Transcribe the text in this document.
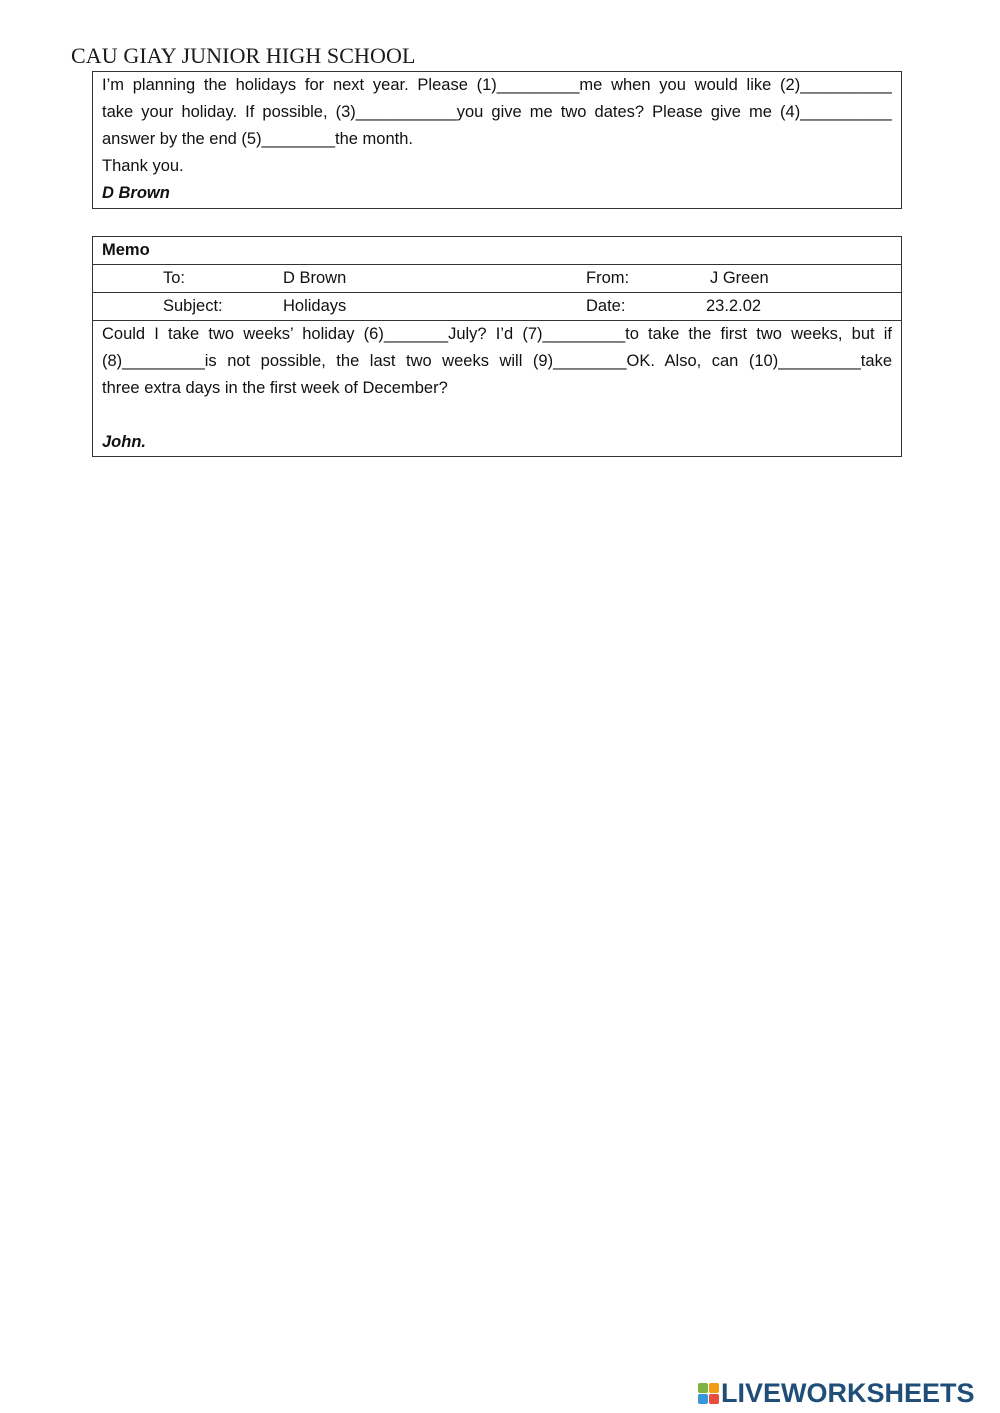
CAU GIAY JUNIOR HIGH SCHOOL
I’m planning the holidays for next year. Please (1)_________me when you would like (2)__________
take your holiday. If possible, (3)___________you give me two dates? Please give me (4)__________
answer by the end (5)________the month.
Thank you.
D Brown
Memo
To:	D Brown	From:	J Green
Subject:	Holidays	Date:	23.2.02
Could I take two weeks’ holiday (6)_______July? I’d (7)_________to take the first two weeks, but if
(8)_________is not possible, the last two weeks will (9)________OK. Also, can (10)_________take
three extra days in the first week of December?
John.
LIVEWORKSHEETS
